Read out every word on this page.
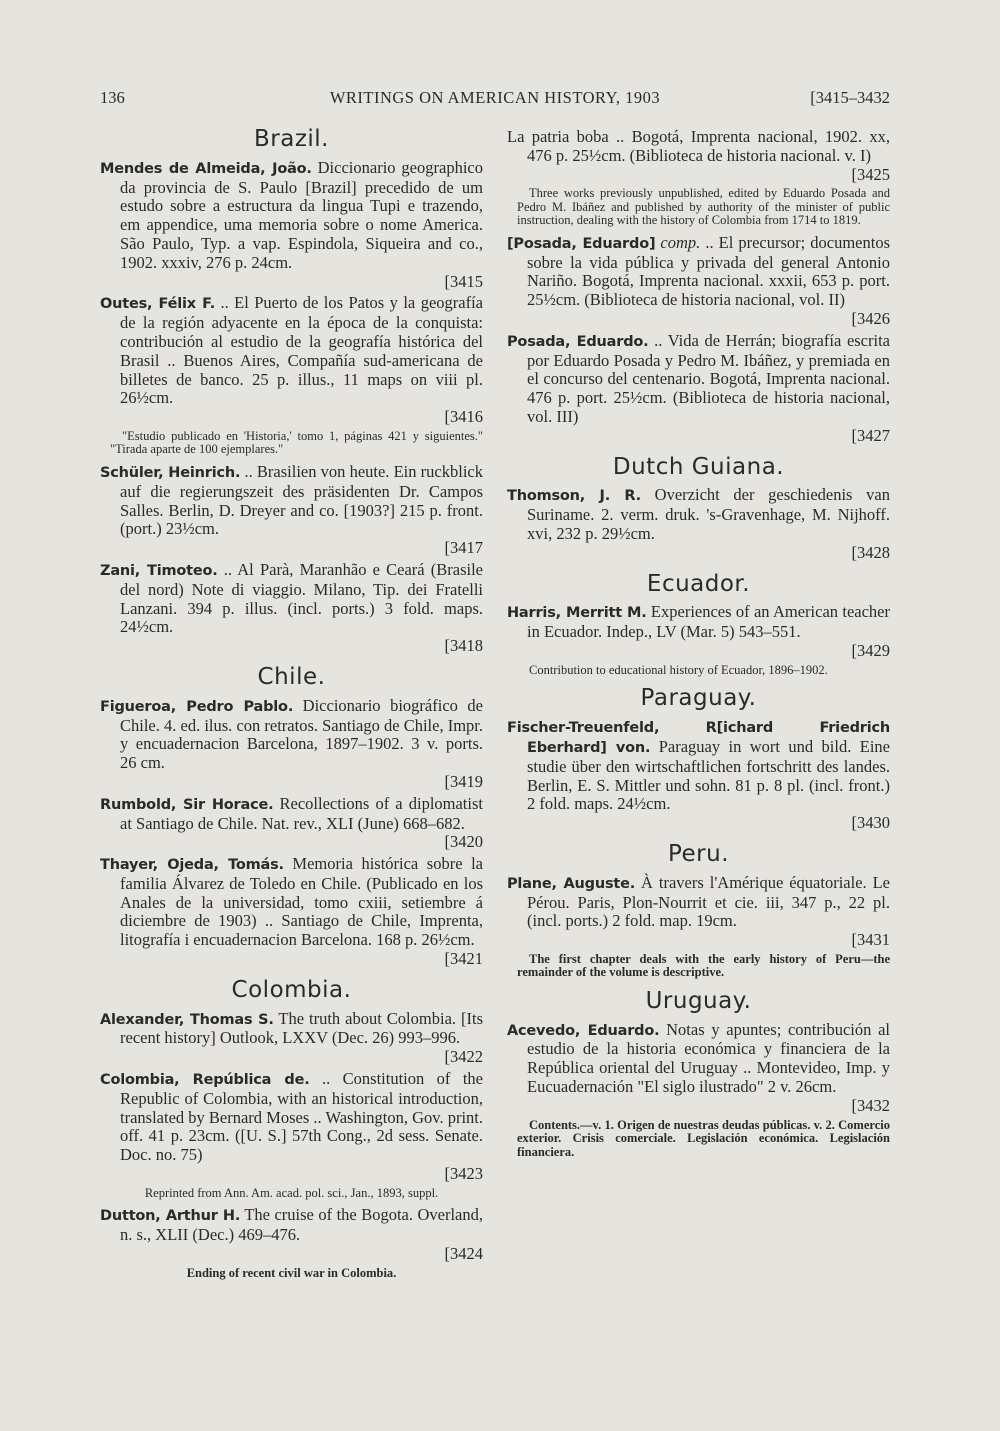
136	WRITINGS ON AMERICAN HISTORY, 1903	[3415–3432
Brazil.
Mendes de Almeida, João. Diccionario geographico da provincia de S. Paulo [Brazil] precedido de um estudo sobre a estructura da lingua Tupi e trazendo, em appendice, uma memoria sobre o nome America. São Paulo, Typ. a vap. Espindola, Siqueira and co., 1902. xxxiv, 276 p. 24cm.
[3415
Outes, Félix F. .. El Puerto de los Patos y la geografía de la región adyacente en la época de la conquista: contribución al estudio de la geografía histórica del Brasil .. Buenos Aires, Compañía sud-americana de billetes de banco. 25 p. illus., 11 maps on viii pl. 26½cm.
[3416
"Estudio publicado en 'Historia,' tomo 1, páginas 421 y siguientes." "Tirada aparte de 100 ejemplares."
Schüler, Heinrich. .. Brasilien von heute. Ein ruckblick auf die regierungszeit des präsidenten Dr. Campos Salles. Berlin, D. Dreyer and co. [1903?] 215 p. front. (port.) 23½cm.
[3417
Zani, Timoteo. .. Al Parà, Maranhão e Ceará (Brasile del nord) Note di viaggio. Milano, Tip. dei Fratelli Lanzani. 394 p. illus. (incl. ports.) 3 fold. maps. 24½cm.
[3418
Chile.
Figueroa, Pedro Pablo. Diccionario biográfico de Chile. 4. ed. ilus. con retratos. Santiago de Chile, Impr. y encuadernacion Barcelona, 1897–1902. 3 v. ports. 26 cm.
[3419
Rumbold, Sir Horace. Recollections of a diplomatist at Santiago de Chile. Nat. rev., XLI (June) 668–682.
[3420
Thayer, Ojeda, Tomás. Memoria histórica sobre la familia Álvarez de Toledo en Chile. (Publicado en los Anales de la universidad, tomo cxiii, setiembre á diciembre de 1903) .. Santiago de Chile, Imprenta, litografía i encuadernacion Barcelona. 168 p. 26½cm.
[3421
Colombia.
Alexander, Thomas S. The truth about Colombia. [Its recent history] Outlook, LXXV (Dec. 26) 993–996.
[3422
Colombia, República de. .. Constitution of the Republic of Colombia, with an historical introduction, translated by Bernard Moses .. Washington, Gov. print. off. 41 p. 23cm. ([U. S.] 57th Cong., 2d sess. Senate. Doc. no. 75)
[3423
Reprinted from Ann. Am. acad. pol. sci., Jan., 1893, suppl.
Dutton, Arthur H. The cruise of the Bogota. Overland, n. s., XLII (Dec.) 469–476.
[3424
Ending of recent civil war in Colombia.
La patria boba .. Bogotá, Imprenta nacional, 1902. xx, 476 p. 25½cm. (Biblioteca de historia nacional. v. I)
[3425
Three works previously unpublished, edited by Eduardo Posada and Pedro M. Ibáñez and published by authority of the minister of public instruction, dealing with the history of Colombia from 1714 to 1819.
[Posada, Eduardo] comp. .. El precursor; documentos sobre la vida pública y privada del general Antonio Nariño. Bogotá, Imprenta nacional. xxxii, 653 p. port. 25½cm. (Biblioteca de historia nacional, vol. II)
[3426
Posada, Eduardo. .. Vida de Herrán; biografía escrita por Eduardo Posada y Pedro M. Ibáñez, y premiada en el concurso del centenario. Bogotá, Imprenta nacional. 476 p. port. 25½cm. (Biblioteca de historia nacional, vol. III)
[3427
Dutch Guiana.
Thomson, J. R. Overzicht der geschiedenis van Suriname. 2. verm. druk. 's-Gravenhage, M. Nijhoff. xvi, 232 p. 29½cm.
[3428
Ecuador.
Harris, Merritt M. Experiences of an American teacher in Ecuador. Indep., LV (Mar. 5) 543–551.
[3429
Contribution to educational history of Ecuador, 1896–1902.
Paraguay.
Fischer-Treuenfeld, R[ichard Friedrich Eberhard] von. Paraguay in wort und bild. Eine studie über den wirtschaftlichen fortschritt des landes. Berlin, E. S. Mittler und sohn. 81 p. 8 pl. (incl. front.) 2 fold. maps. 24½cm.
[3430
Peru.
Plane, Auguste. À travers l'Amérique équatoriale. Le Pérou. Paris, Plon-Nourrit et cie. iii, 347 p., 22 pl. (incl. ports.) 2 fold. map. 19cm.
[3431
The first chapter deals with the early history of Peru—the remainder of the volume is descriptive.
Uruguay.
Acevedo, Eduardo. Notas y apuntes; contribución al estudio de la historia económica y financiera de la República oriental del Uruguay .. Montevideo, Imp. y Eucuadernación "El siglo ilustrado" 2 v. 26cm.
[3432
Contents.—v. 1. Origen de nuestras deudas públicas. v. 2. Comercio exterior. Crisis comerciale. Legislación económica. Legislación financiera.
